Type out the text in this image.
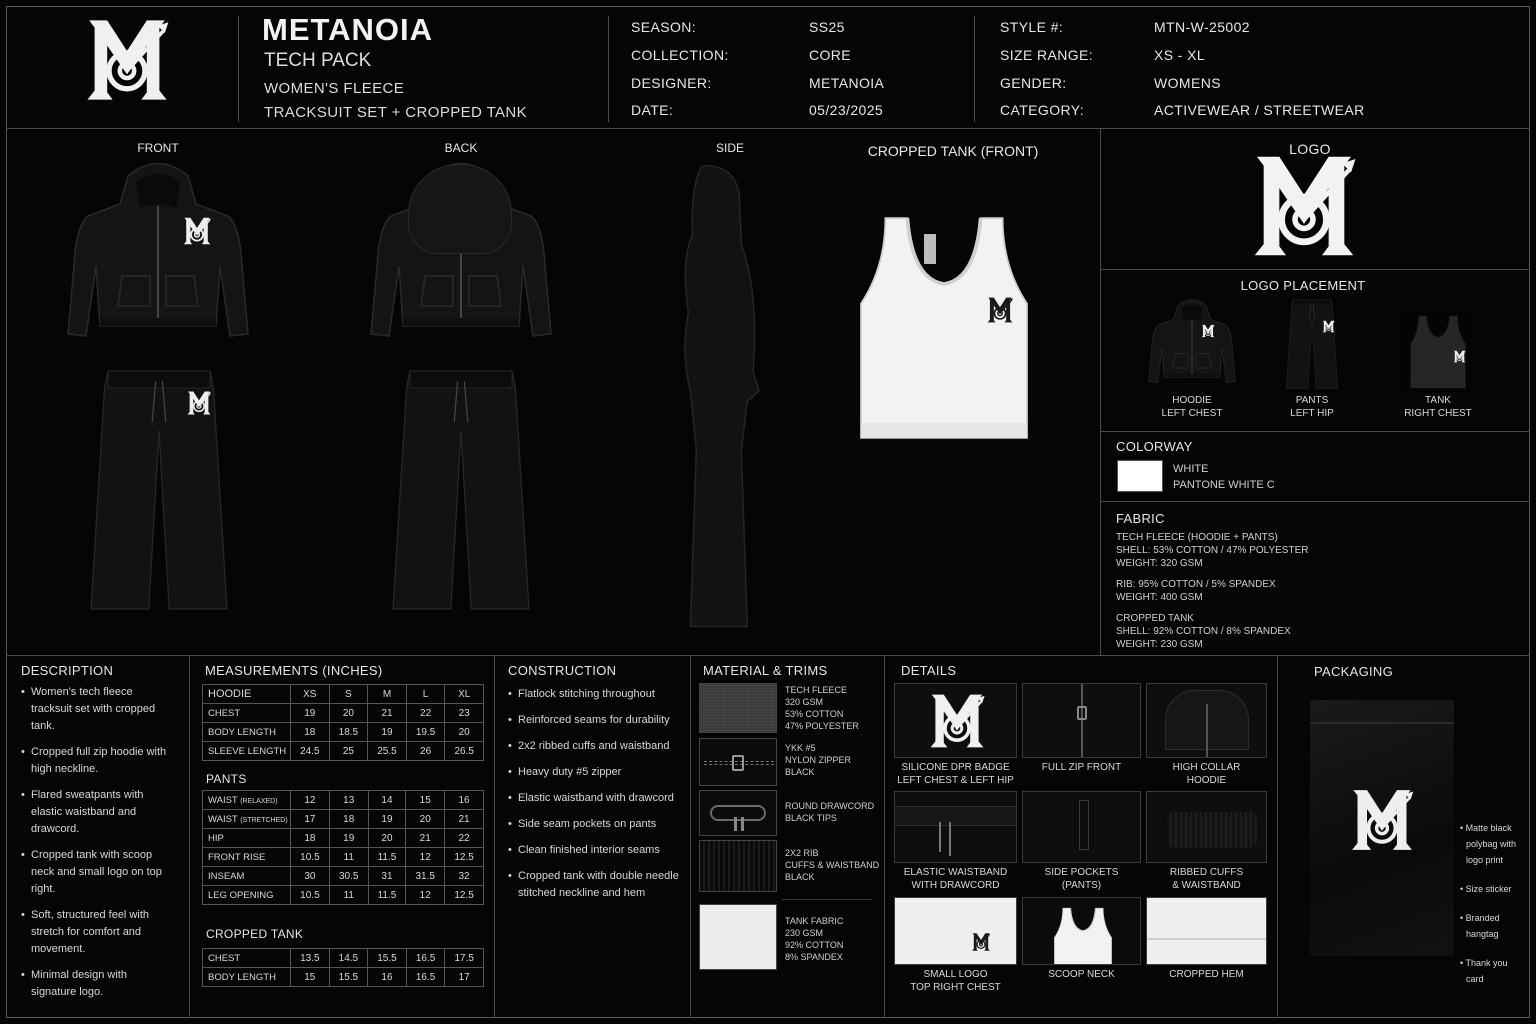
METANOIA
TECH PACK
WOMEN'S FLEECE
TRACKSUIT SET + CROPPED TANK
SEASON:	SS25
COLLECTION:	CORE
DESIGNER:	METANOIA
DATE:	05/23/2025
STYLE #:	MTN-W-25002
SIZE RANGE:	XS - XL
GENDER:	WOMENS
CATEGORY:	ACTIVEWEAR / STREETWEAR
FRONT	BACK	SIDE	CROPPED TANK (FRONT)	LOGO
LOGO PLACEMENT
HOODIE
LEFT CHEST
PANTS
LEFT HIP
TANK
RIGHT CHEST
COLORWAY
WHITE
PANTONE WHITE C
FABRIC
TECH FLEECE (HOODIE + PANTS)
SHELL: 53% COTTON / 47% POLYESTER
WEIGHT: 320 GSM
RIB: 95% COTTON / 5% SPANDEX
WEIGHT: 400 GSM
CROPPED TANK
SHELL: 92% COTTON / 8% SPANDEX
WEIGHT: 230 GSM
DESCRIPTION
• Women's tech fleece tracksuit set with cropped tank.
• Cropped full zip hoodie with high neckline.
• Flared sweatpants with elastic waistband and drawcord.
• Cropped tank with scoop neck and small logo on top right.
• Soft, structured feel with stretch for comfort and movement.
• Minimal design with signature logo.
MEASUREMENTS (INCHES)
HOODIE	XS	S	M	L	XL
CHEST	19	20	21	22	23
BODY LENGTH	18	18.5	19	19.5	20
SLEEVE LENGTH	24.5	25	25.5	26	26.5
PANTS
WAIST (RELAXED)	12	13	14	15	16
WAIST (STRETCHED)	17	18	19	20	21
HIP	18	19	20	21	22
FRONT RISE	10.5	11	11.5	12	12.5
INSEAM	30	30.5	31	31.5	32
LEG OPENING	10.5	11	11.5	12	12.5
CROPPED TANK
CHEST	13.5	14.5	15.5	16.5	17.5
BODY LENGTH	15	15.5	16	16.5	17
CONSTRUCTION
• Flatlock stitching throughout
• Reinforced seams for durability
• 2x2 ribbed cuffs and waistband
• Heavy duty #5 zipper
• Elastic waistband with drawcord
• Side seam pockets on pants
• Clean finished interior seams
• Cropped tank with double needle stitched neckline and hem
MATERIAL & TRIMS
TECH FLEECE
320 GSM
53% COTTON
47% POLYESTER
YKK #5
NYLON ZIPPER
BLACK
ROUND DRAWCORD
BLACK TIPS
2X2 RIB
CUFFS & WAISTBAND
BLACK
TANK FABRIC
230 GSM
92% COTTON
8% SPANDEX
DETAILS
SILICONE DPR BADGE
LEFT CHEST & LEFT HIP
FULL ZIP FRONT	HIGH COLLAR
HOODIE
ELASTIC WAISTBAND
WITH DRAWCORD
SIDE POCKETS
(PANTS)
RIBBED CUFFS
& WAISTBAND
SMALL LOGO
TOP RIGHT CHEST
SCOOP NECK	CROPPED HEM
PACKAGING
• Matte black
polybag with
logo print
• Size sticker
• Branded
hangtag
• Thank you
card
